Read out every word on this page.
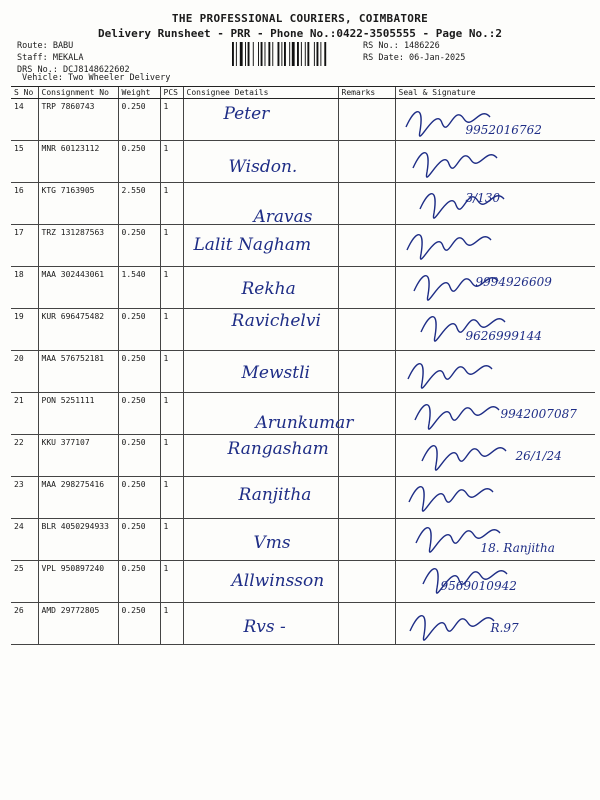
THE PROFESSIONAL COURIERS, COIMBATORE
Delivery Runsheet - PRR - Phone No.:0422-3505555 - Page No.:2
Route: BABU
Staff: MEKALA
DRS No.: DCJ8148622602
RS No.: 1486226
RS Date: 06-Jan-2025
Vehicle: Two Wheeler Delivery
S No	Consignment No	Weight	PCS	Consignee Details	Remarks	Seal & Signature
14	TRP 7860743	0.250	1	Peter		9952016762

15	MNR 60123112	0.250	1	Wisdon.

16	KTG 7163905	2.550	1	Aravas		3/130

17	TRZ 131287563	0.250	1	Lalit Nagham

18	MAA 302443061	1.540	1	Rekha		9994926609

19	KUR 696475482	0.250	1	Ravichelvi		9626999144

20	MAA 576752181	0.250	1	Mewstli

21	PON 5251111	0.250	1	Arunkumar		9942007087

22	KKU 377107	0.250	1	Rangasham		26/1/24

23	MAA 298275416	0.250	1	Ranjitha

24	BLR 4050294933	0.250	1	Vms		18. Ranjitha

25	VPL 950897240	0.250	1	Allwinsson		9569010942

26	AMD 29772805	0.250	1	Rvs -		R.97
